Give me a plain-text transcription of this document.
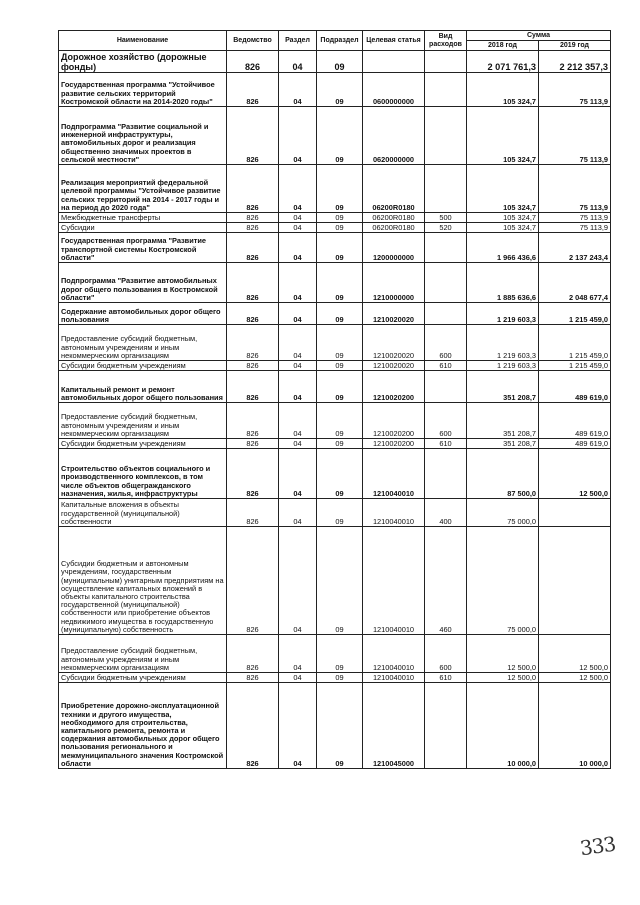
Наименование	Ведомство	Раздел	Подраздел	Целевая статья	Вид расходов	Сумма	
						2018 год	2019 год
Дорожное хозяйство (дорожные фонды)	826	04	09			2 071 761,3	2 212 357,3
Государственная программа "Устойчивое развитие сельских территорий Костромской области на 2014-2020 годы"	826	04	09	0600000000		105 324,7	75 113,9
Подпрограмма "Развитие социальной и инженерной инфраструктуры, автомобильных дорог и реализация общественно значимых проектов в сельской местности"	826	04	09	0620000000		105 324,7	75 113,9
Реализация мероприятий федеральной целевой программы "Устойчивое развитие сельских территорий на 2014 - 2017 годы и на период до 2020 года"	826	04	09	06200R0180		105 324,7	75 113,9
Межбюджетные трансферты	826	04	09	06200R0180	500	105 324,7	75 113,9
Субсидии	826	04	09	06200R0180	520	105 324,7	75 113,9
Государственная программа "Развитие транспортной системы Костромской области"	826	04	09	1200000000		1 966 436,6	2 137 243,4
Подпрограмма "Развитие автомобильных дорог общего пользования в Костромской области"	826	04	09	1210000000		1 885 636,6	2 048 677,4
Содержание автомобильных дорог общего пользования	826	04	09	1210020020		1 219 603,3	1 215 459,0
Предоставление субсидий бюджетным, автономным учреждениям и иным некоммерческим организациям	826	04	09	1210020020	600	1 219 603,3	1 215 459,0
Субсидии бюджетным учреждениям	826	04	09	1210020020	610	1 219 603,3	1 215 459,0
Капитальный ремонт и ремонт автомобильных дорог общего пользования	826	04	09	1210020200		351 208,7	489 619,0
Предоставление субсидий бюджетным, автономным учреждениям и иным некоммерческим организациям	826	04	09	1210020200	600	351 208,7	489 619,0
Субсидии бюджетным учреждениям	826	04	09	1210020200	610	351 208,7	489 619,0
Строительство объектов социального и производственного комплексов, в том числе объектов общегражданского назначения, жилья, инфраструктуры	826	04	09	1210040010		87 500,0	12 500,0
Капитальные вложения в объекты государственной (муниципальной) собственности	826	04	09	1210040010	400	75 000,0	
Субсидии бюджетным и автономным учреждениям, государственным (муниципальным) унитарным предприятиям на осуществление капитальных вложений в объекты капитального строительства государственной (муниципальной) собственности или приобретение объектов недвижимого имущества в государственную (муниципальную) собственность	826	04	09	1210040010	460	75 000,0	
Предоставление субсидий бюджетным, автономным учреждениям и иным некоммерческим организациям	826	04	09	1210040010	600	12 500,0	12 500,0
Субсидии бюджетным учреждениям	826	04	09	1210040010	610	12 500,0	12 500,0
Приобретение дорожно-эксплуатационной техники и другого имущества, необходимого для строительства, капитального ремонта, ремонта и содержания автомобильных дорог общего пользования регионального и межмуниципального значения Костромской области	826	04	09	1210045000		10 000,0	10 000,0
333
